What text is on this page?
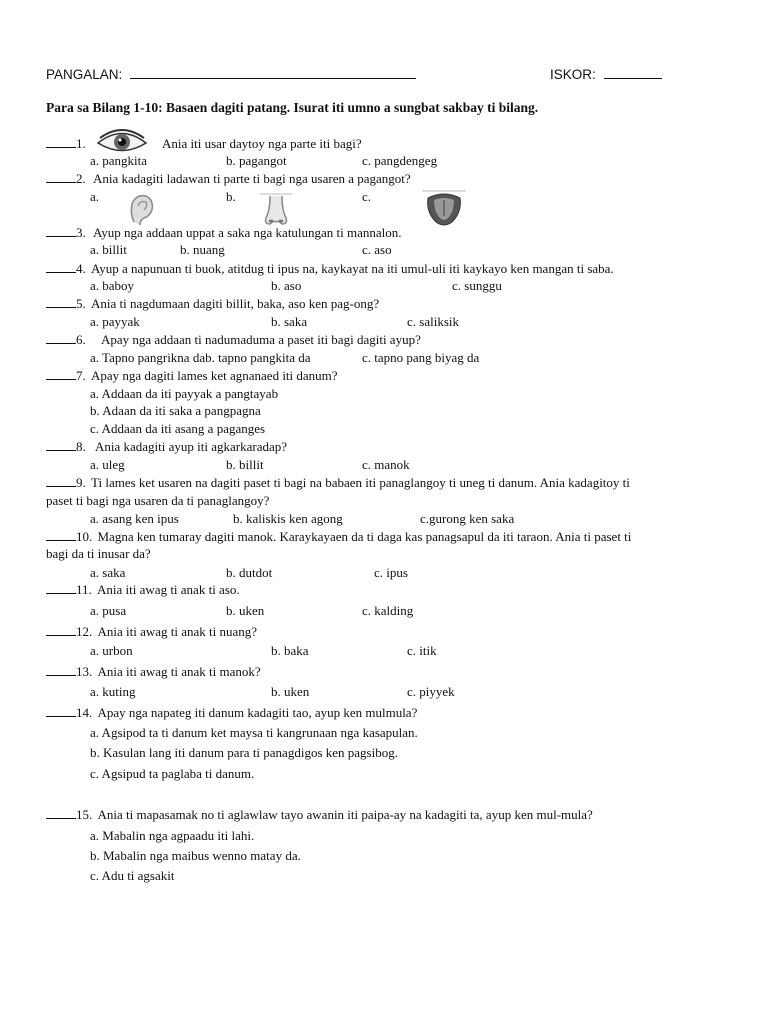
PANGALAN:	ISKOR:
Para sa Bilang 1-10: Basaen dagiti patang. Isurat iti umno a sungbat sakbay ti bilang.
1.	Ania iti usar daytoy nga parte iti bagi?
a. pangkita	b. pagangot	c. pangdengeg
2. Ania kadagiti ladawan ti parte ti bagi nga usaren a pagangot?
a.	b.	c.
3. Ayup nga addaan uppat a saka nga katulungan ti mannalon.
a. billit	b. nuang	c. aso
4. Ayup a napunuan ti buok, atitdug ti ipus na, kaykayat na iti umul-uli iti kaykayo ken mangan ti saba.
a. baboy	b. aso	c. sunggu
5. Ania ti nagdumaan dagiti billit, baka, aso ken pag-ong?
a. payyak	b. saka	c. saliksik
6. Apay nga addaan ti nadumaduma a paset iti bagi dagiti ayup?
a. Tapno pangrikna dab. tapno pangkita da	c. tapno pang biyag da
7. Apay nga dagiti lames ket agnanaed iti danum?
a. Addaan da iti payyak a pangtayab
b. Adaan da iti saka a pangpagna
c. Addaan da iti asang a paganges
8. Ania kadagiti ayup iti agkarkaradap?
a. uleg	b. billit	c. manok
9. Ti lames ket usaren na dagiti paset ti bagi na babaen iti panaglangoy ti uneg ti danum. Ania kadagitoy ti
paset ti bagi nga usaren da ti panaglangoy?
a. asang ken ipus	b. kaliskis ken agong	c.gurong ken saka
10. Magna ken tumaray dagiti manok. Karaykayaen da ti daga kas panagsapul da iti taraon. Ania ti paset ti
bagi da ti inusar da?
a. saka	b. dutdot	c. ipus
11. Ania iti awag ti anak ti aso.
a. pusa	b. uken	c. kalding
12. Ania iti awag ti anak ti nuang?
a. urbon	b. baka	c. itik
13. Ania iti awag ti anak ti manok?
a. kuting	b. uken	c. piyyek
14. Apay nga napateg iti danum kadagiti tao, ayup ken mulmula?
a. Agsipod ta ti danum ket maysa ti kangrunaan nga kasapulan.
b. Kasulan lang iti danum para ti panagdigos ken pagsibog.
c. Agsipud ta paglaba ti danum.
15. Ania ti mapasamak no ti aglawlaw tayo awanin iti paipa-ay na kadagiti ta, ayup ken mul-mula?
a. Mabalin nga agpaadu iti lahi.
b. Mabalin nga maibus wenno matay da.
c. Adu ti agsakit
